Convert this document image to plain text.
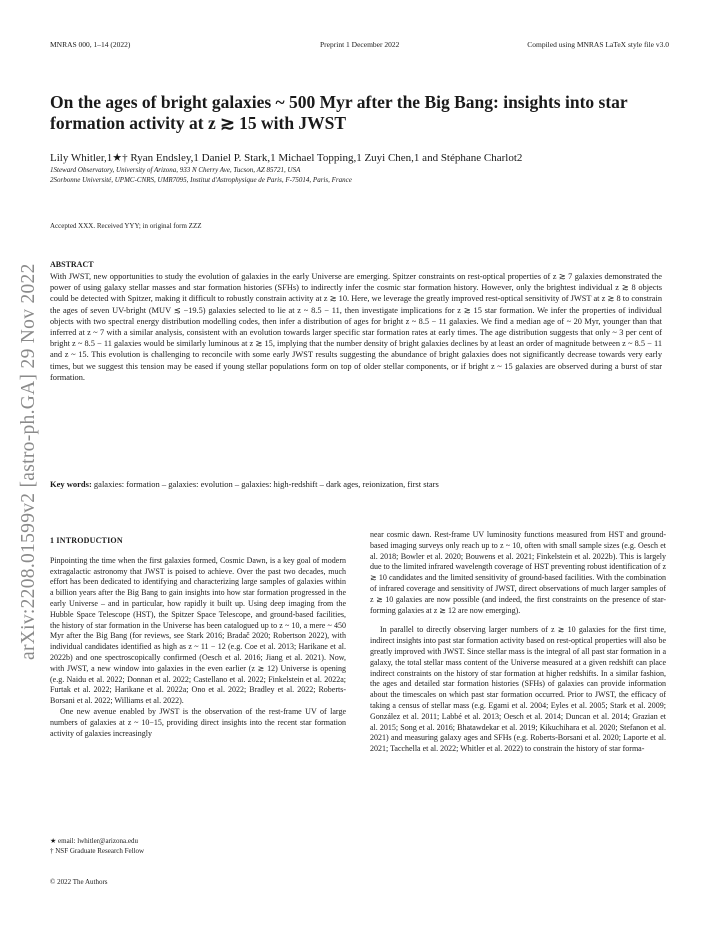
MNRAS 000, 1–14 (2022)	Preprint 1 December 2022	Compiled using MNRAS LaTeX style file v3.0
arXiv:2208.01599v2 [astro-ph.GA] 29 Nov 2022
On the ages of bright galaxies ~ 500 Myr after the Big Bang: insights into star formation activity at z ≳ 15 with JWST
Lily Whitler,1★† Ryan Endsley,1 Daniel P. Stark,1 Michael Topping,1 Zuyi Chen,1 and Stéphane Charlot2
1Steward Observatory, University of Arizona, 933 N Cherry Ave, Tucson, AZ 85721, USA
2Sorbonne Université, UPMC-CNRS, UMR7095, Institut d'Astrophysique de Paris, F-75014, Paris, France
Accepted XXX. Received YYY; in original form ZZZ
ABSTRACT
With JWST, new opportunities to study the evolution of galaxies in the early Universe are emerging. Spitzer constraints on rest-optical properties of z ≳ 7 galaxies demonstrated the power of using galaxy stellar masses and star formation histories (SFHs) to indirectly infer the cosmic star formation history. However, only the brightest individual z ≳ 8 objects could be detected with Spitzer, making it difficult to robustly constrain activity at z ≳ 10. Here, we leverage the greatly improved rest-optical sensitivity of JWST at z ≳ 8 to constrain the ages of seven UV-bright (MUV ≲ −19.5) galaxies selected to lie at z ~ 8.5 − 11, then investigate implications for z ≳ 15 star formation. We infer the properties of individual objects with two spectral energy distribution modelling codes, then infer a distribution of ages for bright z ~ 8.5 − 11 galaxies. We find a median age of ~ 20 Myr, younger than that inferred at z ~ 7 with a similar analysis, consistent with an evolution towards larger specific star formation rates at early times. The age distribution suggests that only ~ 3 per cent of bright z ~ 8.5 − 11 galaxies would be similarly luminous at z ≳ 15, implying that the number density of bright galaxies declines by at least an order of magnitude between z ~ 8.5 − 11 and z ~ 15. This evolution is challenging to reconcile with some early JWST results suggesting the abundance of bright galaxies does not significantly decrease towards very early times, but we suggest this tension may be eased if young stellar populations form on top of older stellar components, or if bright z ~ 15 galaxies are observed during a burst of star formation.
Key words: galaxies: formation – galaxies: evolution – galaxies: high-redshift – dark ages, reionization, first stars
1 INTRODUCTION

Pinpointing the time when the first galaxies formed, Cosmic Dawn, is a key goal of modern extragalactic astronomy that JWST is poised to achieve. Over the past two decades, much effort has been dedicated to identifying and characterizing large samples of galaxies within a billion years after the Big Bang to gain insights into how star formation progressed in the early Universe – and in particular, how rapidly it built up. Using deep imaging from the Hubble Space Telescope (HST), the Spitzer Space Telescope, and ground-based facilities, the history of star formation in the Universe has been catalogued up to z ~ 10, a mere ~ 450 Myr after the Big Bang (for reviews, see Stark 2016; Bradač 2020; Robertson 2022), with individual candidates identified as high as z ~ 11 − 12 (e.g. Coe et al. 2013; Harikane et al. 2022b) and one spectroscopically confirmed (Oesch et al. 2016; Jiang et al. 2021). Now, with JWST, a new window into galaxies in the even earlier (z ≳ 12) Universe is opening (e.g. Naidu et al. 2022; Donnan et al. 2022; Castellano et al. 2022; Finkelstein et al. 2022a; Furtak et al. 2022; Harikane et al. 2022a; Ono et al. 2022; Bradley et al. 2022; Roberts-Borsani et al. 2022; Williams et al. 2022).

One new avenue enabled by JWST is the observation of the rest-frame UV of large numbers of galaxies at z ~ 10−15, providing direct insights into the recent star formation activity of galaxies increasingly

near cosmic dawn. Rest-frame UV luminosity functions measured from HST and ground-based imaging surveys only reach up to z ~ 10, often with small sample sizes (e.g. Oesch et al. 2018; Bowler et al. 2020; Bouwens et al. 2021; Finkelstein et al. 2022b). This is largely due to the limited infrared wavelength coverage of HST preventing robust identification of z ≳ 10 candidates and the limited sensitivity of ground-based facilities. With the combination of infrared coverage and sensitivity of JWST, direct observations of much larger samples of z ≳ 10 galaxies are now possible (and indeed, the first constraints on the presence of star-forming galaxies at z ≳ 12 are now emerging).

In parallel to directly observing larger numbers of z ≳ 10 galaxies for the first time, indirect insights into past star formation activity based on rest-optical properties will also be greatly improved with JWST. Since stellar mass is the integral of all past star formation in a galaxy, the total stellar mass content of the Universe measured at a given redshift can place indirect constraints on the history of star formation at higher redshifts. In a similar fashion, the ages and detailed star formation histories (SFHs) of galaxies can provide information about the timescales on which past star formation occurred. Prior to JWST, the efficacy of taking a census of stellar mass (e.g. Egami et al. 2004; Eyles et al. 2005; Stark et al. 2009; González et al. 2011; Labbé et al. 2013; Oesch et al. 2014; Duncan et al. 2014; Grazian et al. 2015; Song et al. 2016; Bhatawdekar et al. 2019; Kikuchihara et al. 2020; Stefanon et al. 2021) and measuring galaxy ages and SFHs (e.g. Roberts-Borsani et al. 2020; Laporte et al. 2021; Tacchella et al. 2022; Whitler et al. 2022) to constrain the history of star forma-

★ email: lwhitler@arizona.edu
† NSF Graduate Research Fellow
© 2022 The Authors
